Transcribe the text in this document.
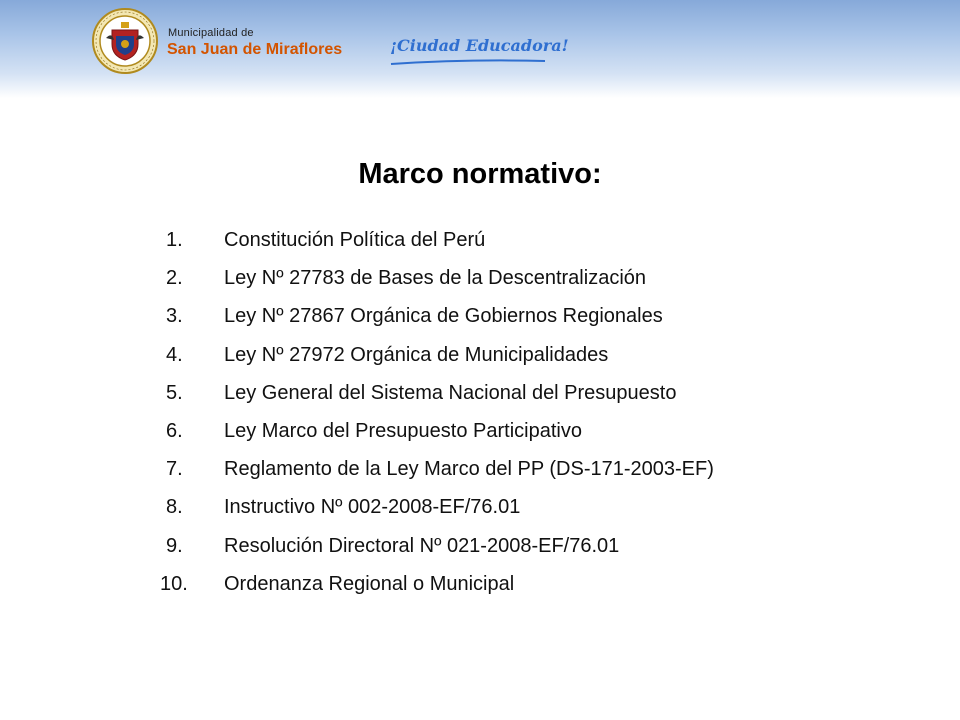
Municipalidad de
San Juan de Miraflores	¡Ciudad Educadora!
Marco normativo:
1.	Constitución Política del Perú
2.	Ley Nº 27783 de Bases de la Descentralización
3.	Ley Nº 27867 Orgánica de Gobiernos Regionales
4.	Ley Nº 27972 Orgánica de Municipalidades
5.	Ley General del Sistema Nacional del Presupuesto
6.	Ley Marco del Presupuesto Participativo
7.	Reglamento de la Ley Marco del PP (DS-171-2003-EF)
8.	Instructivo Nº 002-2008-EF/76.01
9.	Resolución Directoral Nº 021-2008-EF/76.01
10.	Ordenanza Regional o Municipal
